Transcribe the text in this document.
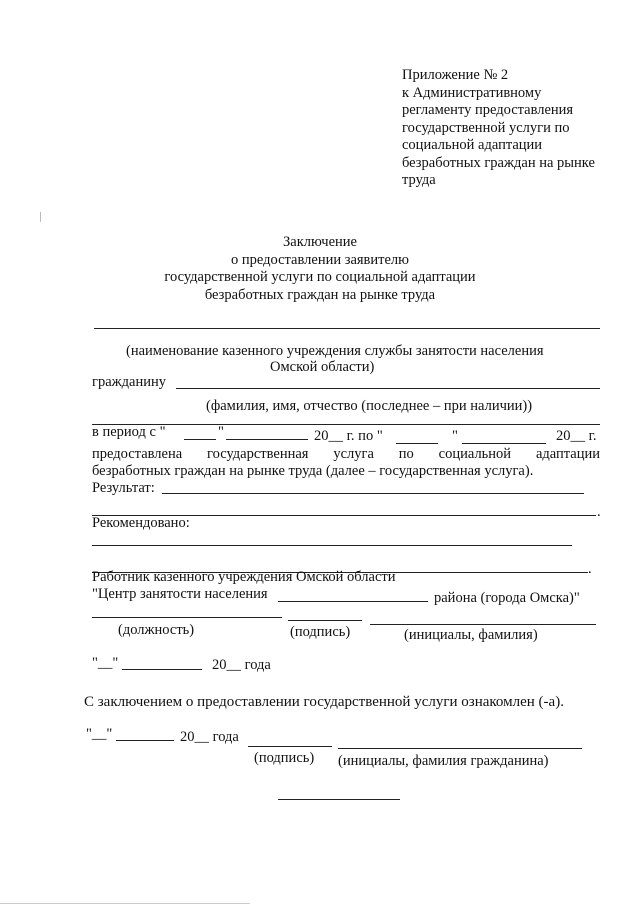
Приложение № 2
к Административному
регламенту предоставления
государственной услуги по
социальной адаптации
безработных граждан на рынке
труда
Заключение
о предоставлении заявителю
государственной услуги по социальной адаптации
безработных граждан на рынке труда
(наименование казенного учреждения службы занятости населения
Омской области)
гражданину
(фамилия, имя, отчество (последнее – при наличии))
в период с "	"	20__ г. по "	"	20__ г.
предоставлена государственная услуга по социальной адаптации
безработных граждан на рынке труда (далее – государственная услуга).
Результат:
.
Рекомендовано:
.
Работник казенного учреждения Омской области
"Центр занятости населения	района (города Омска)"
(должность)	(подпись)	(инициалы, фамилия)
"__"	20__ года
С заключением о предоставлении государственной услуги ознакомлен (-а).
"__"	20__ года
(подпись) (инициалы, фамилия гражданина)
